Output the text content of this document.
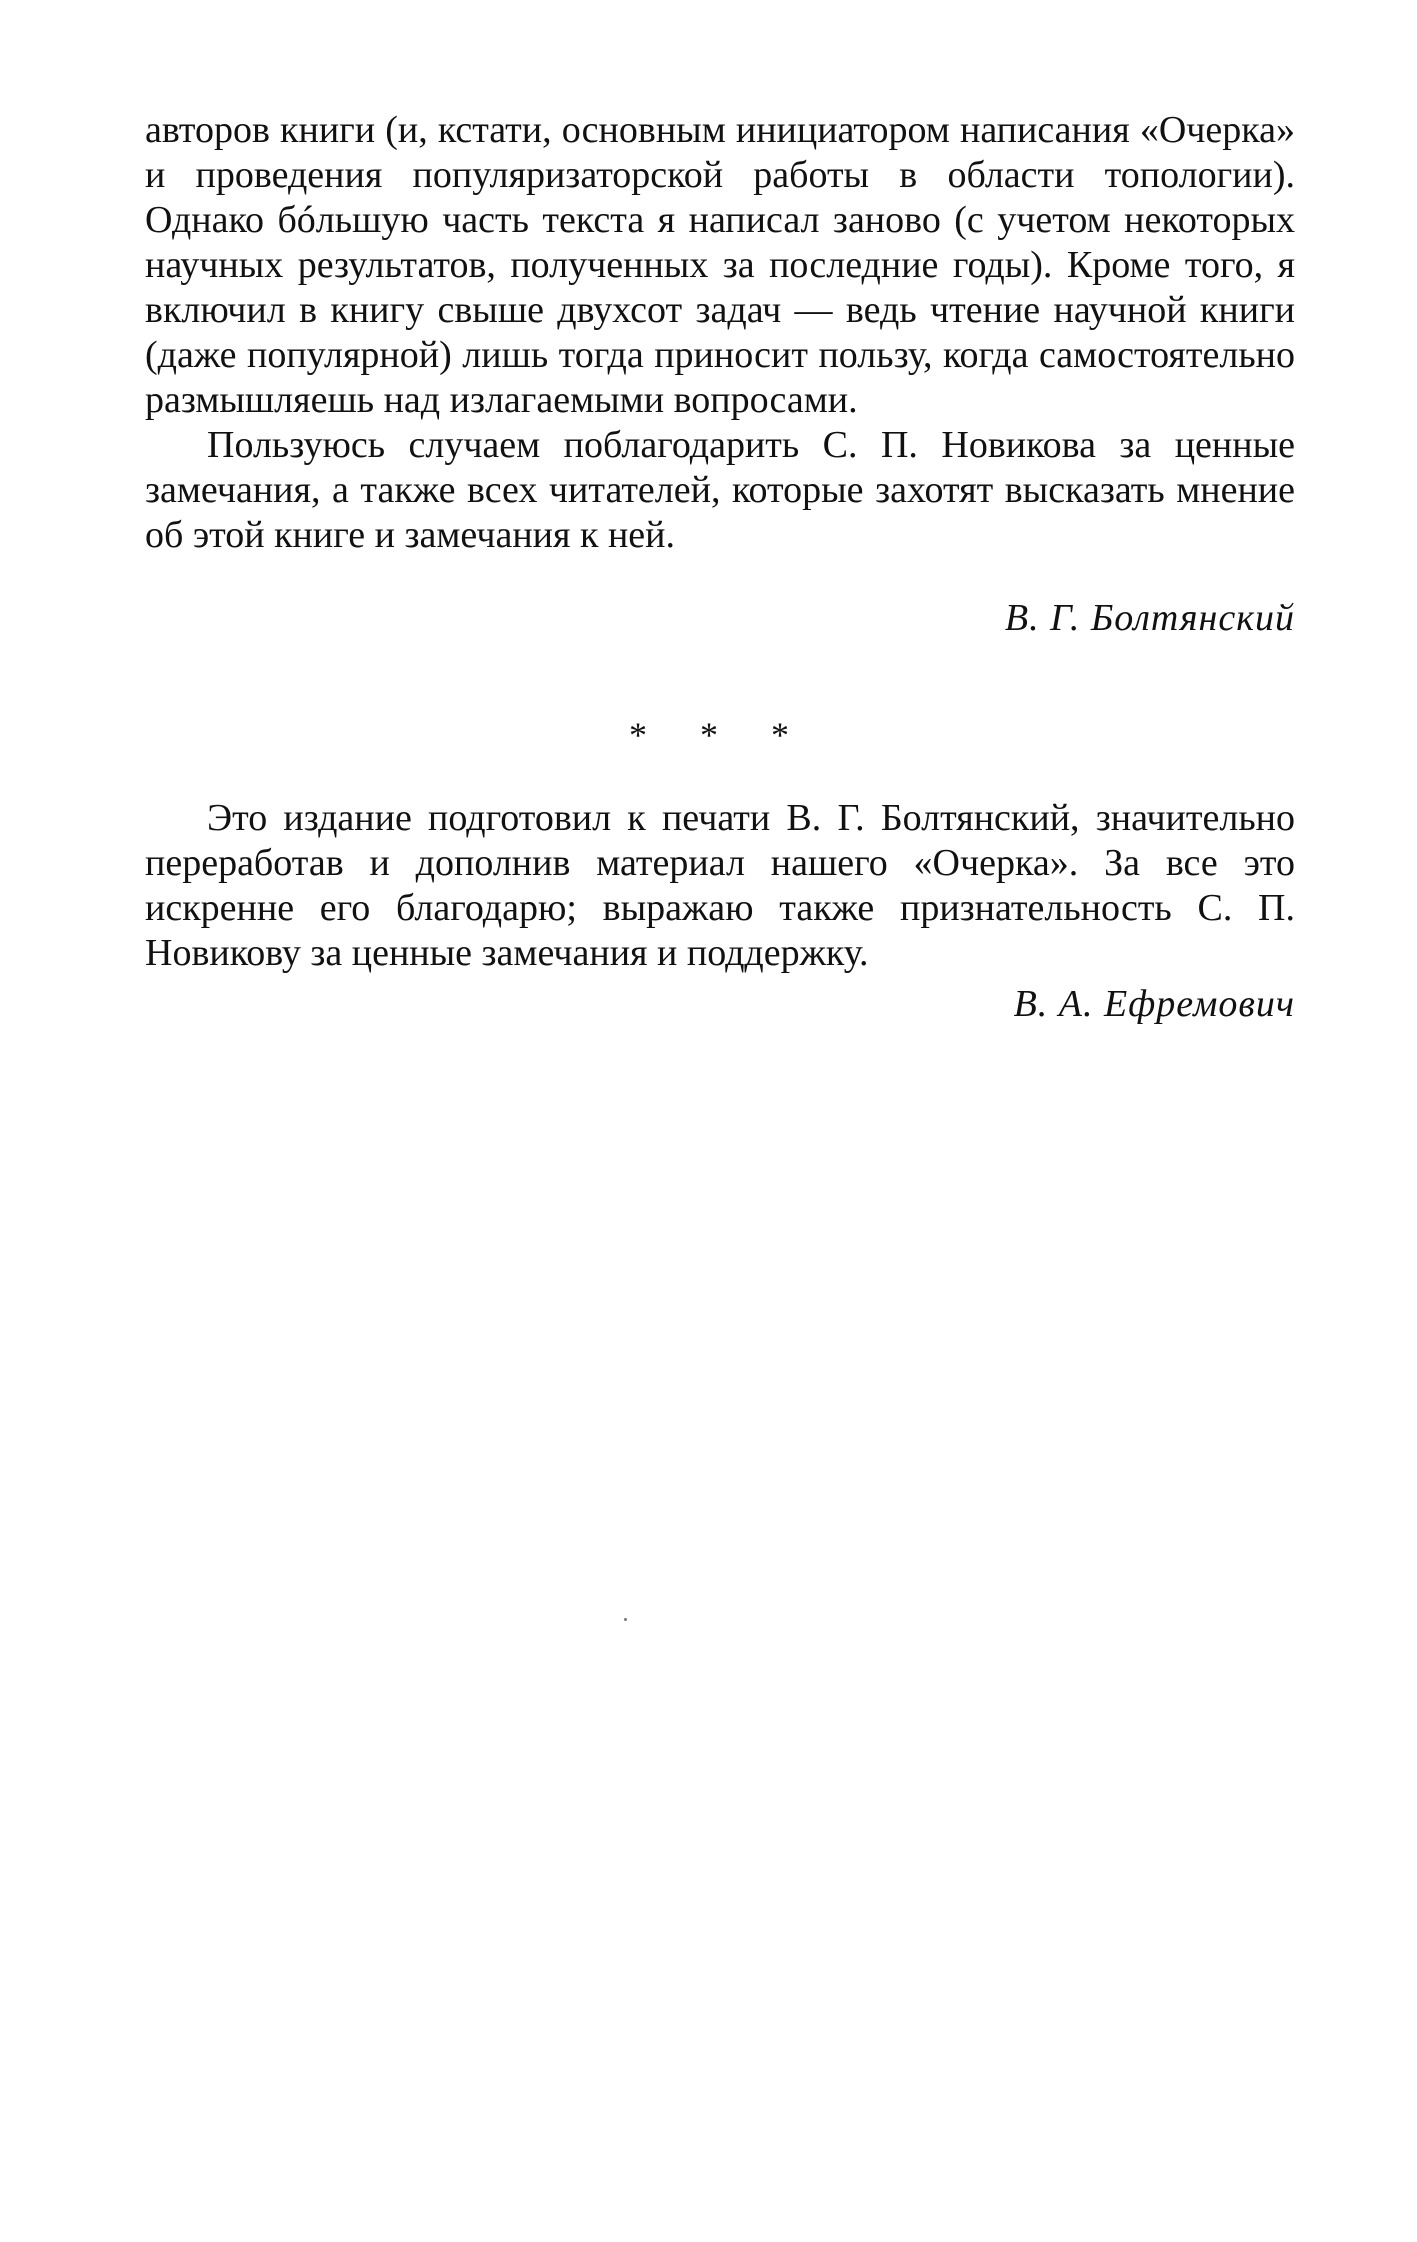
авторов книги (и, кстати, основным инициатором написания «Очерка» и проведения популяризаторской работы в области топологии). Однако бóльшую часть текста я написал заново (с учетом некоторых научных результатов, полученных за последние годы). Кроме того, я включил в книгу свыше двухсот задач — ведь чтение научной книги (даже популярной) лишь тогда приносит пользу, когда самостоятельно размышляешь над излагаемыми вопросами.

Пользуюсь случаем поблагодарить С. П. Новикова за ценные замечания, а также всех читателей, которые захотят высказать мнение об этой книге и замечания к ней.

В. Г. Болтянский

* * *

Это издание подготовил к печати В. Г. Болтянский, значительно переработав и дополнив материал нашего «Очерка». За все это искренне его благодарю; выражаю также признательность С. П. Новикову за ценные замечания и поддержку.

В. А. Ефремович
